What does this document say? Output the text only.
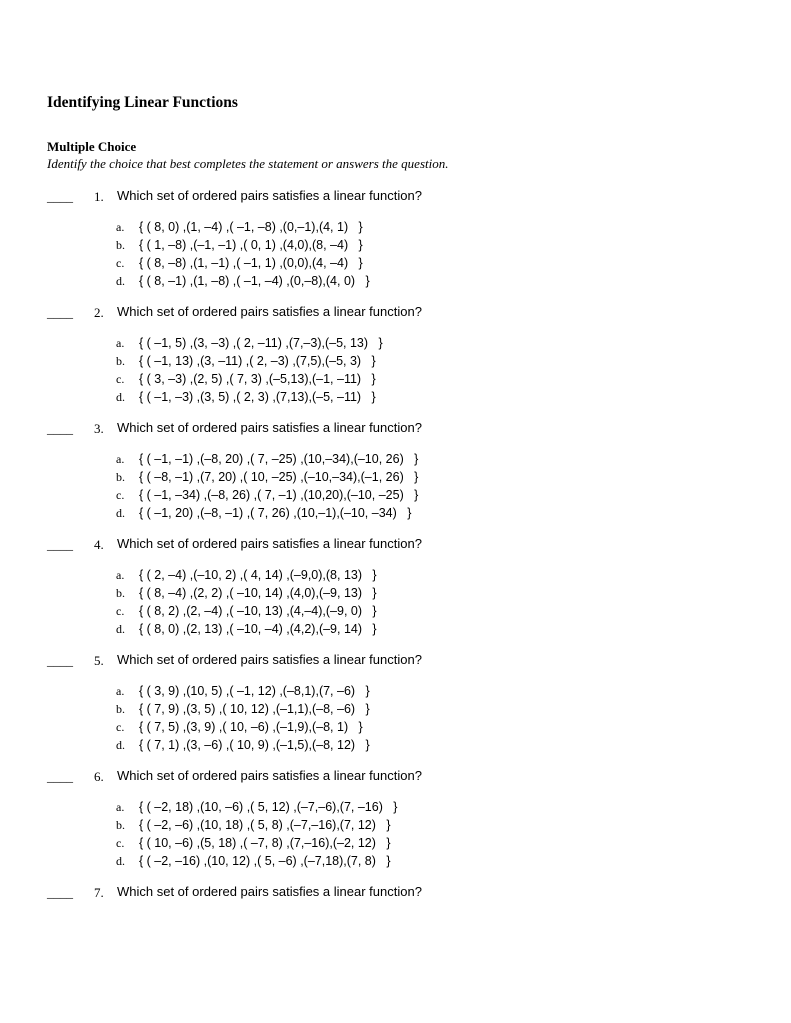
Identifying Linear Functions
Multiple Choice
Identify the choice that best completes the statement or answers the question.
____ 1. Which set of ordered pairs satisfies a linear function?
a. { ( 8, 0) ,(1, –4) ,( –1, –8) ,(0,–1),(4, 1)   }
b. { ( 1, –8) ,(–1, –1) ,( 0, 1) ,(4,0),(8, –4)   }
c. { ( 8, –8) ,(1, –1) ,( –1, 1) ,(0,0),(4, –4)   }
d. { ( 8, –1) ,(1, –8) ,( –1, –4) ,(0,–8),(4, 0)   }
____ 2. Which set of ordered pairs satisfies a linear function?
a. { ( –1, 5) ,(3, –3) ,( 2, –11) ,(7,–3),(–5, 13)   }
b. { ( –1, 13) ,(3, –11) ,( 2, –3) ,(7,5),(–5, 3)   }
c. { ( 3, –3) ,(2, 5) ,( 7, 3) ,(–5,13),(–1, –11)   }
d. { ( –1, –3) ,(3, 5) ,( 2, 3) ,(7,13),(–5, –11)   }
____ 3. Which set of ordered pairs satisfies a linear function?
a. { ( –1, –1) ,(–8, 20) ,( 7, –25) ,(10,–34),(–10, 26)   }
b. { ( –8, –1) ,(7, 20) ,( 10, –25) ,(–10,–34),(–1, 26)   }
c. { ( –1, –34) ,(–8, 26) ,( 7, –1) ,(10,20),(–10, –25)   }
d. { ( –1, 20) ,(–8, –1) ,( 7, 26) ,(10,–1),(–10, –34)   }
____ 4. Which set of ordered pairs satisfies a linear function?
a. { ( 2, –4) ,(–10, 2) ,( 4, 14) ,(–9,0),(8, 13)   }
b. { ( 8, –4) ,(2, 2) ,( –10, 14) ,(4,0),(–9, 13)   }
c. { ( 8, 2) ,(2, –4) ,( –10, 13) ,(4,–4),(–9, 0)   }
d. { ( 8, 0) ,(2, 13) ,( –10, –4) ,(4,2),(–9, 14)   }
____ 5. Which set of ordered pairs satisfies a linear function?
a. { ( 3, 9) ,(10, 5) ,( –1, 12) ,(–8,1),(7, –6)   }
b. { ( 7, 9) ,(3, 5) ,( 10, 12) ,(–1,1),(–8, –6)   }
c. { ( 7, 5) ,(3, 9) ,( 10, –6) ,(–1,9),(–8, 1)   }
d. { ( 7, 1) ,(3, –6) ,( 10, 9) ,(–1,5),(–8, 12)   }
____ 6. Which set of ordered pairs satisfies a linear function?
a. { ( –2, 18) ,(10, –6) ,( 5, 12) ,(–7,–6),(7, –16)   }
b. { ( –2, –6) ,(10, 18) ,( 5, 8) ,(–7,–16),(7, 12)   }
c. { ( 10, –6) ,(5, 18) ,( –7, 8) ,(7,–16),(–2, 12)   }
d. { ( –2, –16) ,(10, 12) ,( 5, –6) ,(–7,18),(7, 8)   }
____ 7. Which set of ordered pairs satisfies a linear function?
